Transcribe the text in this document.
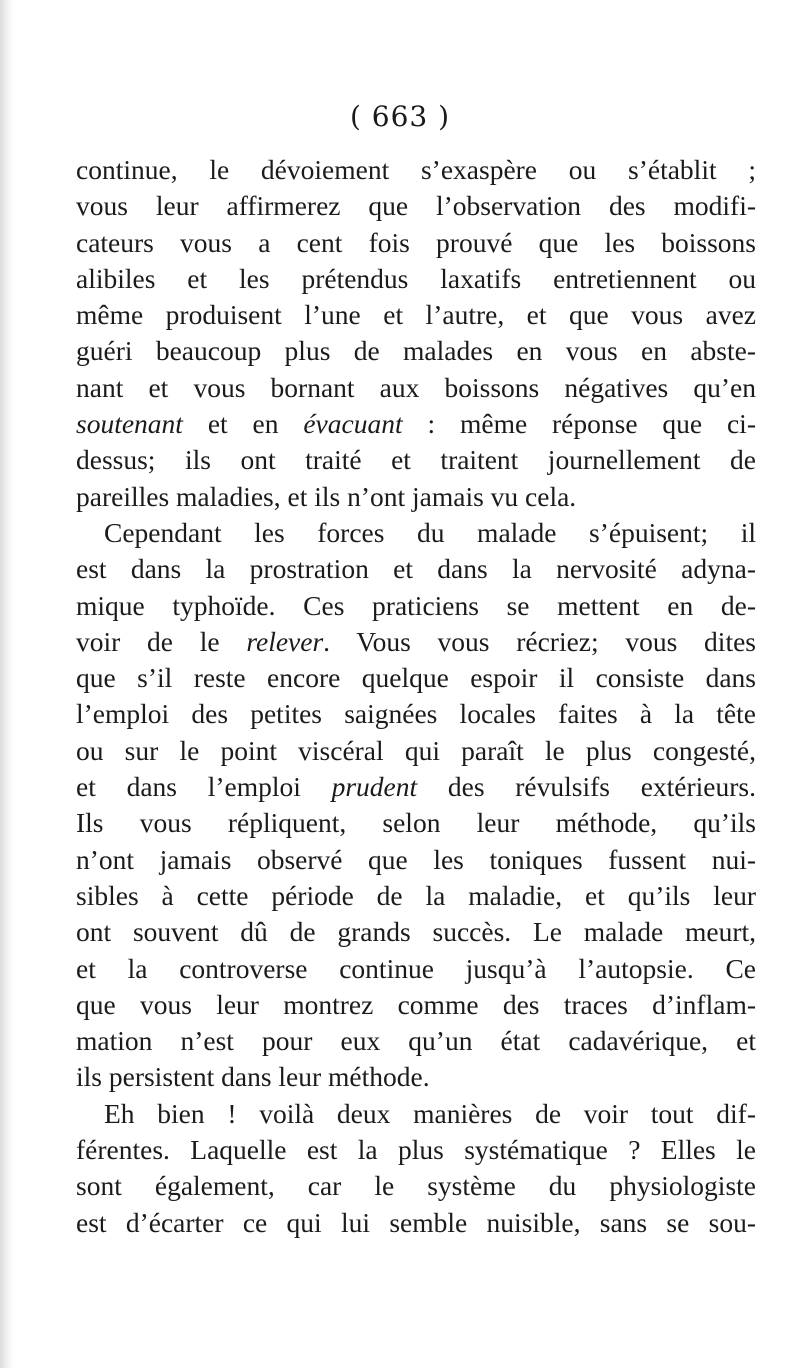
( 663 )
continue, le dévoiement s’exaspère ou s’établit ;
vous leur affirmerez que l’observation des modifi-
cateurs vous a cent fois prouvé que les boissons
alibiles et les prétendus laxatifs entretiennent ou
même produisent l’une et l’autre, et que vous avez
guéri beaucoup plus de malades en vous en abste-
nant et vous bornant aux boissons négatives qu’en
soutenant et en évacuant : même réponse que ci-
dessus; ils ont traité et traitent journellement de
pareilles maladies, et ils n’ont jamais vu cela.
Cependant les forces du malade s’épuisent; il
est dans la prostration et dans la nervosité adyna-
mique typhoïde. Ces praticiens se mettent en de-
voir de le relever. Vous vous récriez; vous dites
que s’il reste encore quelque espoir il consiste dans
l’emploi des petites saignées locales faites à la tête
ou sur le point viscéral qui paraît le plus congesté,
et dans l’emploi prudent des révulsifs extérieurs.
Ils vous répliquent, selon leur méthode, qu’ils
n’ont jamais observé que les toniques fussent nui-
sibles à cette période de la maladie, et qu’ils leur
ont souvent dû de grands succès. Le malade meurt,
et la controverse continue jusqu’à l’autopsie. Ce
que vous leur montrez comme des traces d’inflam-
mation n’est pour eux qu’un état cadavérique, et
ils persistent dans leur méthode.
Eh bien ! voilà deux manières de voir tout dif-
férentes. Laquelle est la plus systématique ? Elles le
sont également, car le système du physiologiste
est d’écarter ce qui lui semble nuisible, sans se sou-
